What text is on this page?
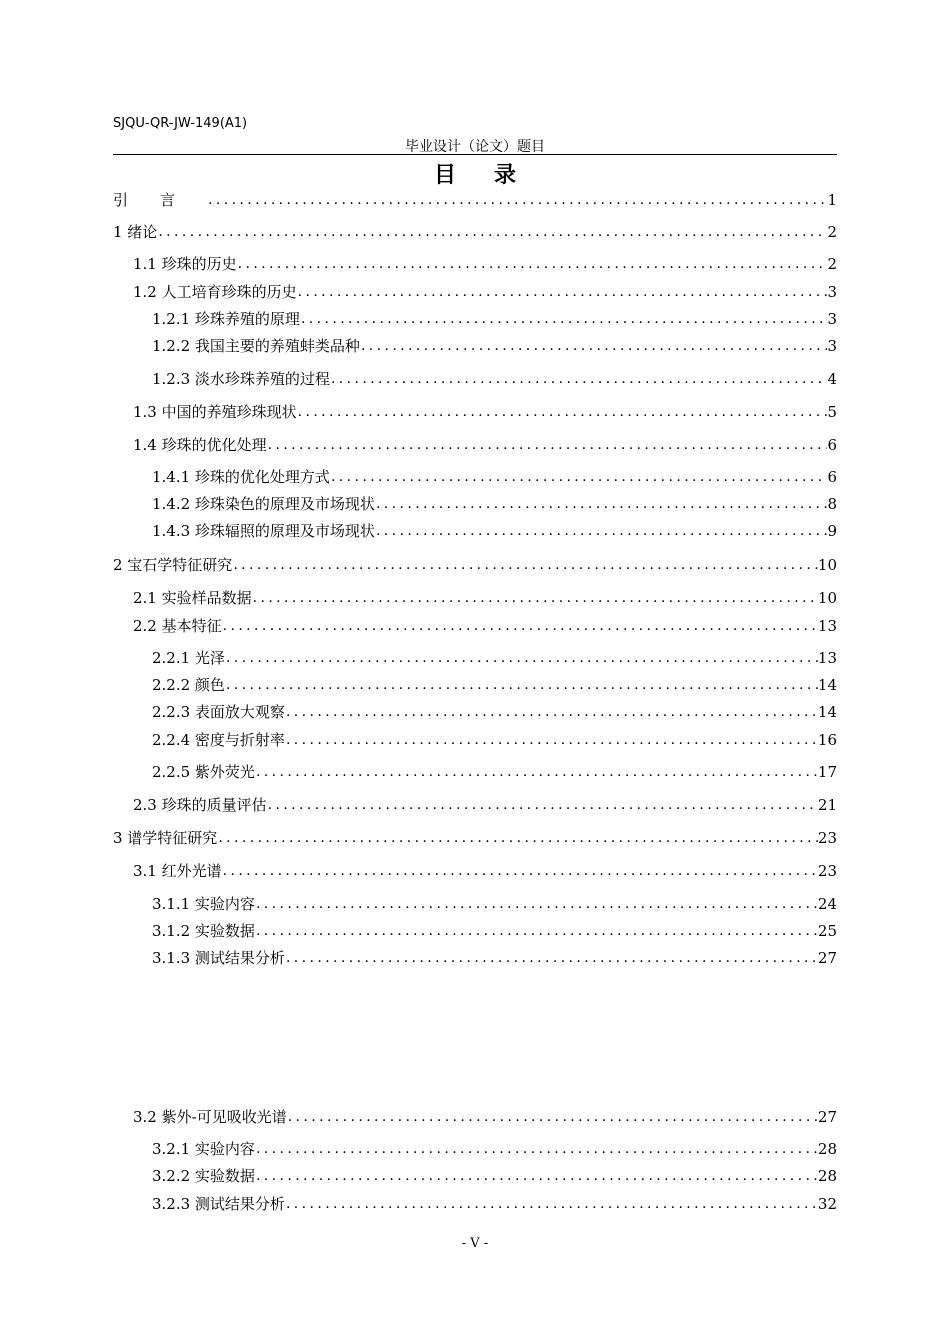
SJQU-QR-JW-149(A1)
毕业设计（论文）题目
目录
引言 .....	1
1 绪论 .....	2
1.1 珍珠的历史 .....	2
1.2 人工培育珍珠的历史 .....	3
1.2.1 珍珠养殖的原理 .....	3
1.2.2 我国主要的养殖蚌类品种 .....	3
1.2.3 淡水珍珠养殖的过程 .....	4
1.3 中国的养殖珍珠现状 .....	5
1.4 珍珠的优化处理 .....	6
1.4.1 珍珠的优化处理方式 .....	6
1.4.2 珍珠染色的原理及市场现状 .....	8
1.4.3 珍珠辐照的原理及市场现状 .....	9
2 宝石学特征研究 .....	10
2.1 实验样品数据 .....	10
2.2 基本特征 .....	13
2.2.1 光泽 .....	13
2.2.2 颜色 .....	14
2.2.3 表面放大观察 .....	14
2.2.4 密度与折射率 .....	16
2.2.5 紫外荧光 .....	17
2.3 珍珠的质量评估 .....	21
3 谱学特征研究 .....	23
3.1 红外光谱 .....	23
3.1.1 实验内容 .....	24
3.1.2 实验数据 .....	25
3.1.3 测试结果分析 .....	27
3.2 紫外-可见吸收光谱 .....	27
3.2.1 实验内容 .....	28
3.2.2 实验数据 .....	28
3.2.3 测试结果分析 .....	32
- V -
